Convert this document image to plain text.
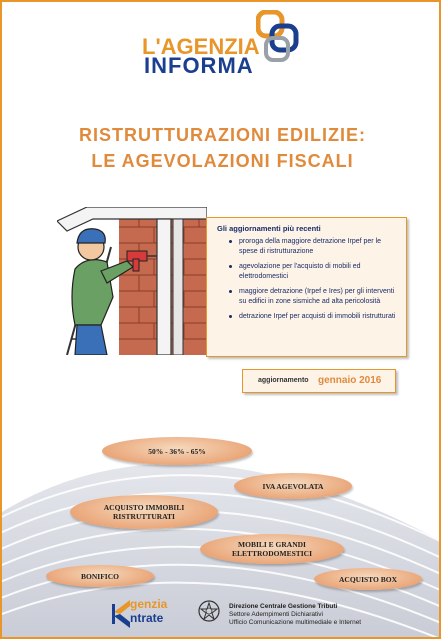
L'AGENZIA
INFORMA
RISTRUTTURAZIONI EDILIZIE:
LE AGEVOLAZIONI FISCALI
Gli aggiornamenti più recenti
proroga della maggiore detrazione Irpef per le spese di ristrutturazione
agevolazione per l'acquisto di mobili ed elettrodomestici
maggiore detrazione (Irpef e Ires) per gli interventi su edifici in zone sismiche ad alta pericolosità
detrazione Irpef per acquisti di immobili ristrutturati
aggiornamento gennaio 2016
50% - 36% - 65%
IVA AGEVOLATA
ACQUISTO IMMOBILI RISTRUTTURATI
MOBILI E GRANDI ELETTRODOMESTICI
BONIFICO	ACQUISTO BOX
genzia
ntrate
Direzione Centrale Gestione Tributi
Settore Adempimenti Dichiarativi
Ufficio Comunicazione multimediale e Internet
